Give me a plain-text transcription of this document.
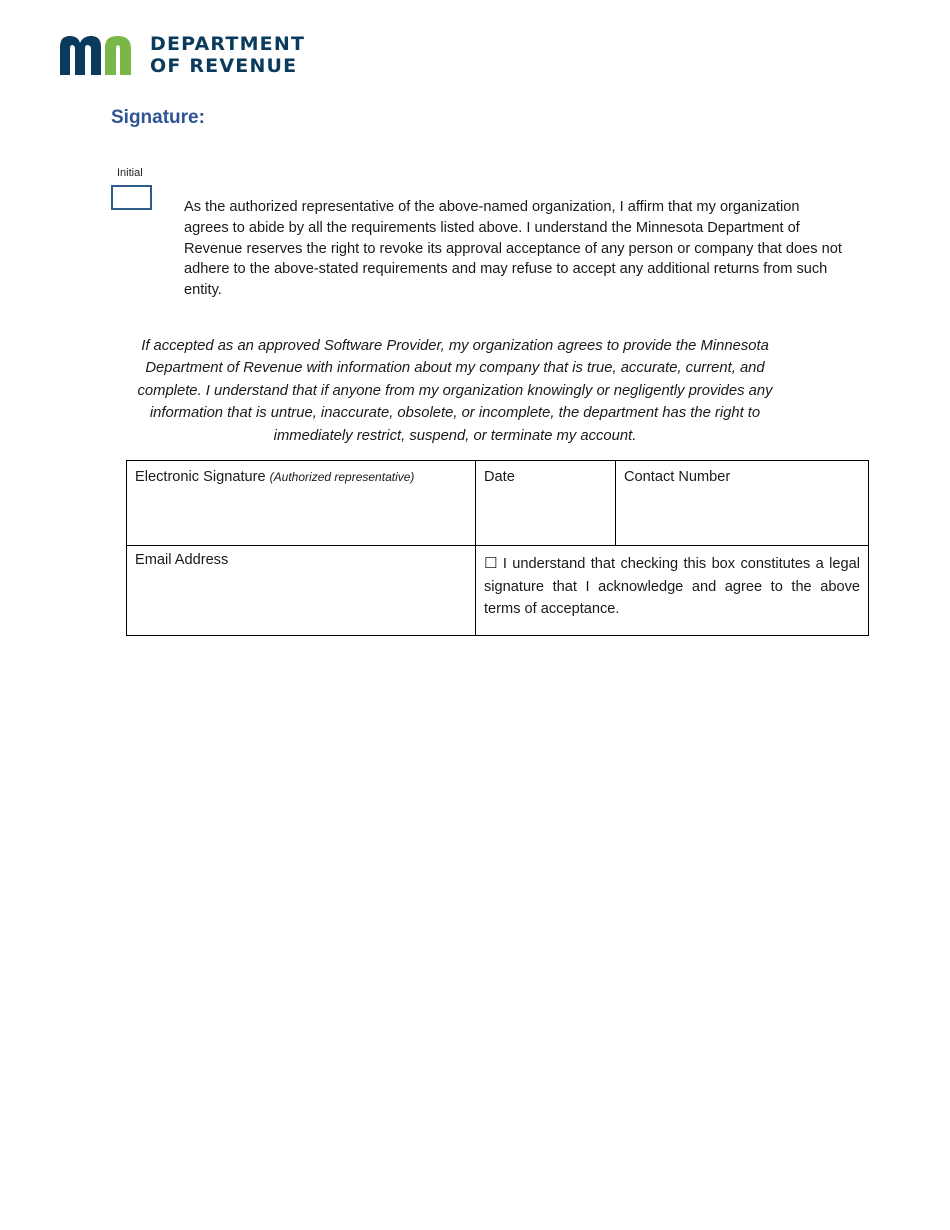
DEPARTMENT
OF REVENUE
Signature:
Initial
As the authorized representative of the above-named organization, I affirm that my organization agrees to abide by all the requirements listed above. I understand the Minnesota Department of Revenue reserves the right to revoke its approval acceptance of any person or company that does not adhere to the above-stated requirements and may refuse to accept any additional returns from such entity.
If accepted as an approved Software Provider, my organization agrees to provide the Minnesota Department of Revenue with information about my company that is true, accurate, current, and complete. I understand that if anyone from my organization knowingly or negligently provides any information that is untrue, inaccurate, obsolete, or incomplete, the department has the right to immediately restrict, suspend, or terminate my account.
Electronic Signature (Authorized representative)	Date	Contact Number
Email Address	☐ I understand that checking this box constitutes a legal signature that I acknowledge and agree to the above terms of acceptance.	
